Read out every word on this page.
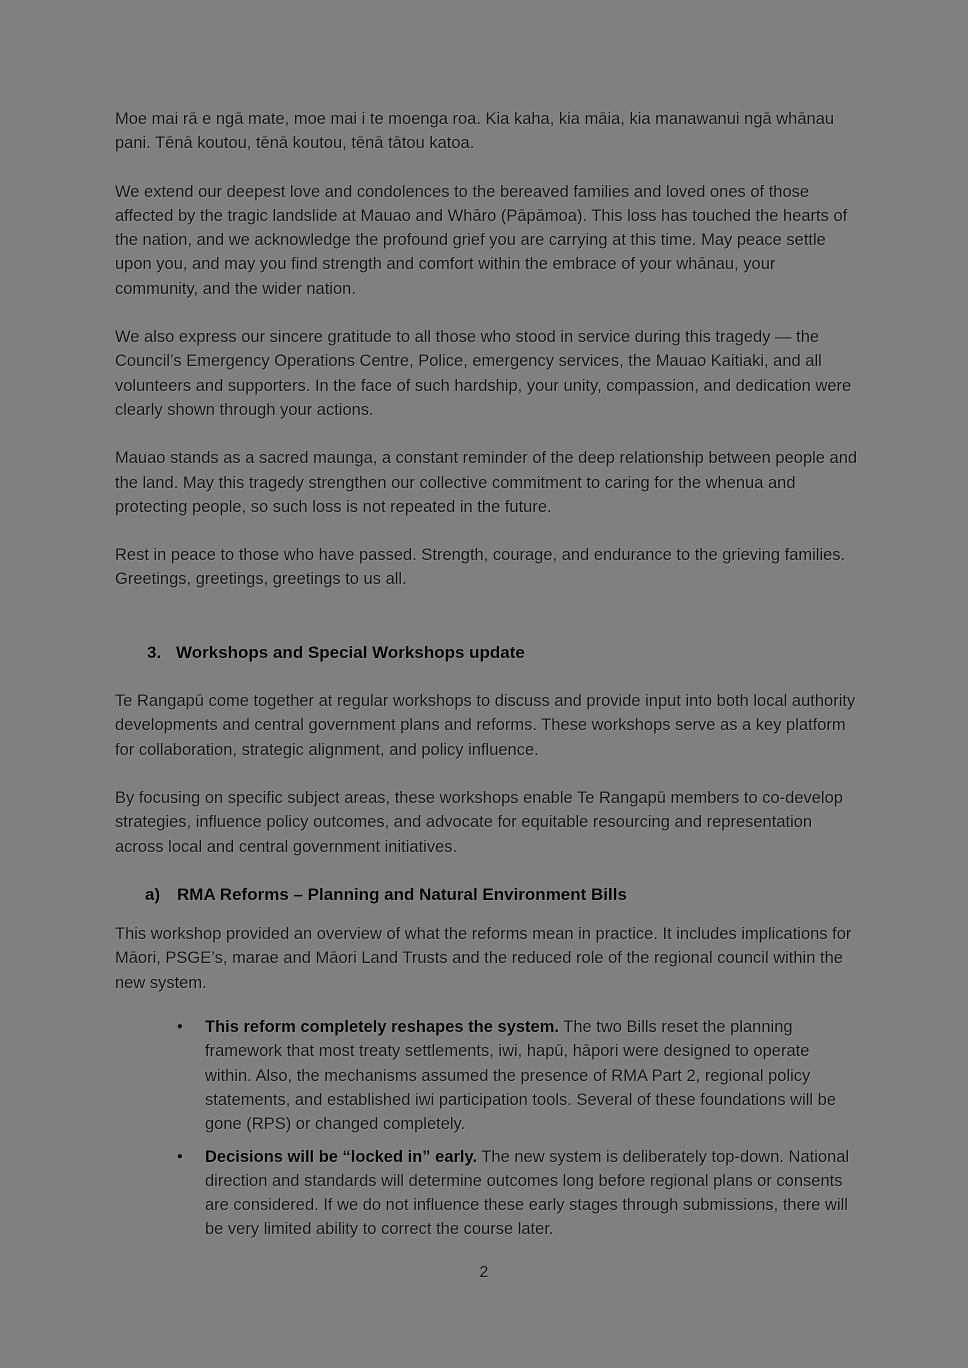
Moe mai rā e ngā mate, moe mai i te moenga roa. Kia kaha, kia māia, kia manawanui ngā whānau pani. Tēnā koutou, tēnā koutou, tēnā tātou katoa.

We extend our deepest love and condolences to the bereaved families and loved ones of those affected by the tragic landslide at Mauao and Whāro (Pāpāmoa). This loss has touched the hearts of the nation, and we acknowledge the profound grief you are carrying at this time. May peace settle upon you, and may you find strength and comfort within the embrace of your whānau, your community, and the wider nation.

We also express our sincere gratitude to all those who stood in service during this tragedy — the Council’s Emergency Operations Centre, Police, emergency services, the Mauao Kaitiaki, and all volunteers and supporters. In the face of such hardship, your unity, compassion, and dedication were clearly shown through your actions.

Mauao stands as a sacred maunga, a constant reminder of the deep relationship between people and the land. May this tragedy strengthen our collective commitment to caring for the whenua and protecting people, so such loss is not repeated in the future.

Rest in peace to those who have passed. Strength, courage, and endurance to the grieving families. Greetings, greetings, greetings to us all.

3. Workshops and Special Workshops update

Te Rangapū come together at regular workshops to discuss and provide input into both local authority developments and central government plans and reforms. These workshops serve as a key platform for collaboration, strategic alignment, and policy influence.

By focusing on specific subject areas, these workshops enable Te Rangapū members to co-develop strategies, influence policy outcomes, and advocate for equitable resourcing and representation across local and central government initiatives.

a) RMA Reforms – Planning and Natural Environment Bills

This workshop provided an overview of what the reforms mean in practice. It includes implications for Māori, PSGE’s, marae and Māori Land Trusts and the reduced role of the regional council within the new system.

• This reform completely reshapes the system. The two Bills reset the planning framework that most treaty settlements, iwi, hapū, hāpori were designed to operate within. Also, the mechanisms assumed the presence of RMA Part 2, regional policy statements, and established iwi participation tools. Several of these foundations will be gone (RPS) or changed completely.
• Decisions will be “locked in” early. The new system is deliberately top-down. National direction and standards will determine outcomes long before regional plans or consents are considered. If we do not influence these early stages through submissions, there will be very limited ability to correct the course later.
2
